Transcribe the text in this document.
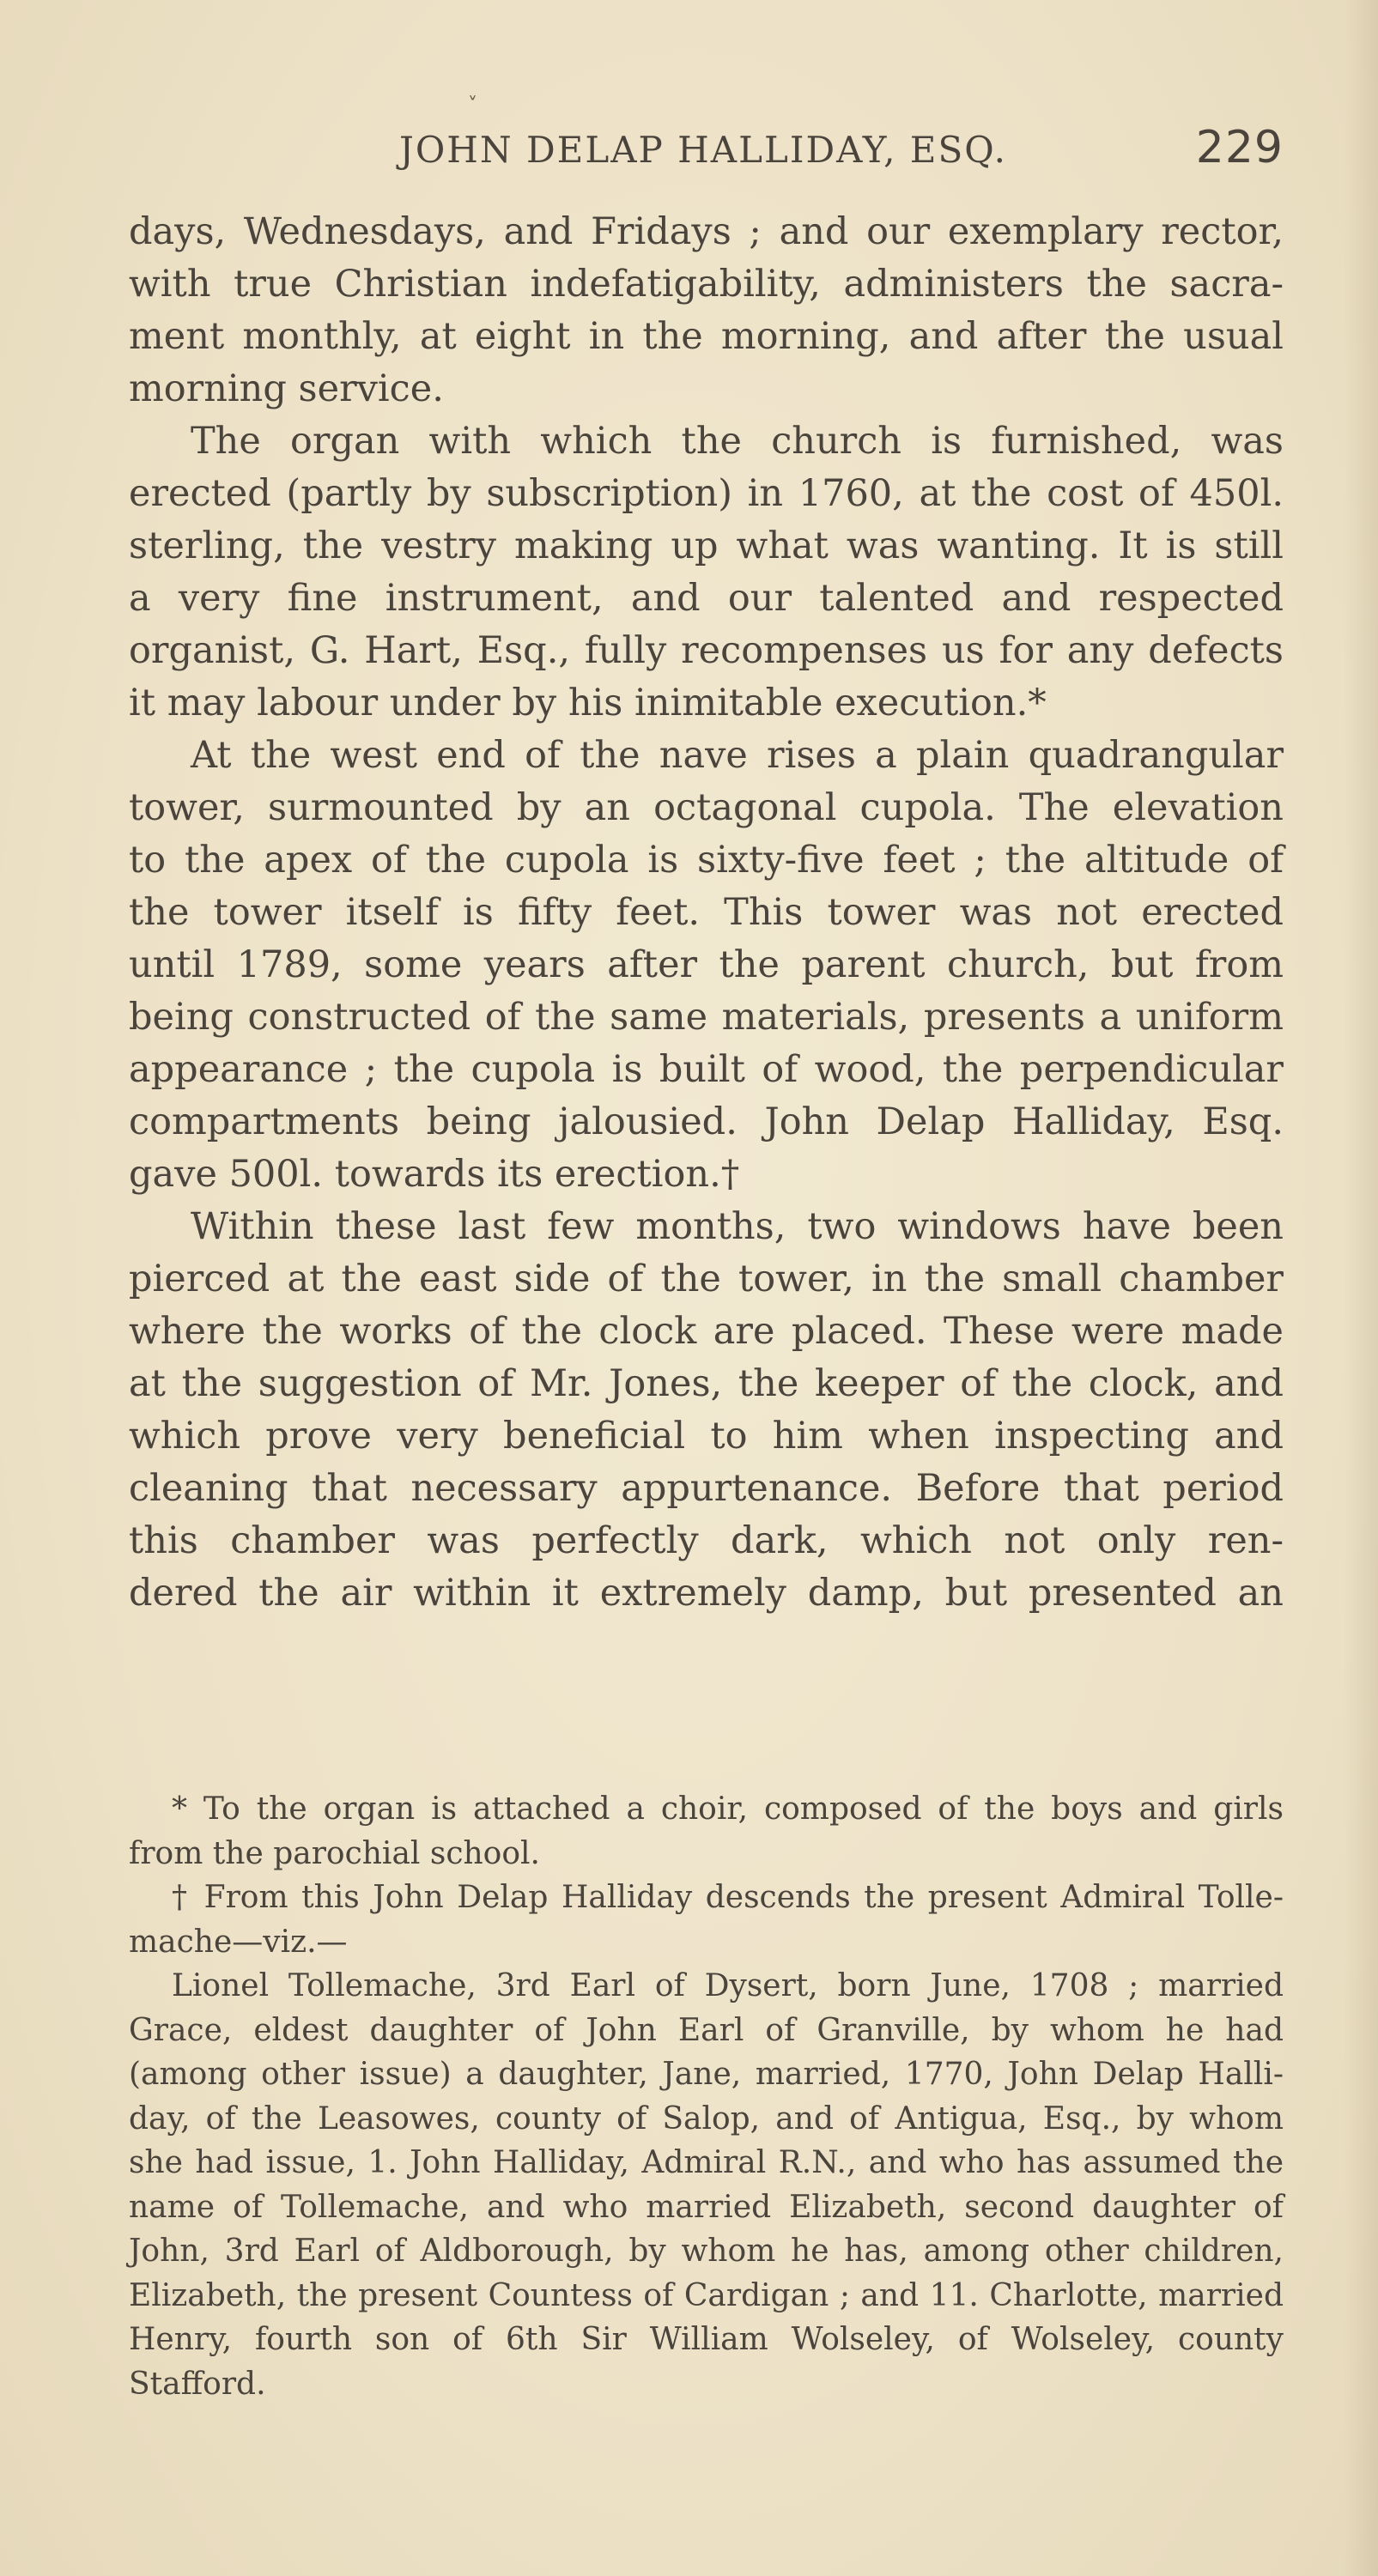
˅
JOHN DELAP HALLIDAY, ESQ.	229
days, Wednesdays, and Fridays ; and our exemplary rector,
with true Christian indefatigability, administers the sacra-
ment monthly, at eight in the morning, and after the usual
morning service.
The organ with which the church is furnished, was
erected (partly by subscription) in 1760, at the cost of 450l.
sterling, the vestry making up what was wanting. It is still
a very fine instrument, and our talented and respected
organist, G. Hart, Esq., fully recompenses us for any defects
it may labour under by his inimitable execution.*
At the west end of the nave rises a plain quadrangular
tower, surmounted by an octagonal cupola. The elevation
to the apex of the cupola is sixty-five feet ; the altitude of
the tower itself is fifty feet. This tower was not erected
until 1789, some years after the parent church, but from
being constructed of the same materials, presents a uniform
appearance ; the cupola is built of wood, the perpendicular
compartments being jalousied. John Delap Halliday, Esq.
gave 500l. towards its erection.†
Within these last few months, two windows have been
pierced at the east side of the tower, in the small chamber
where the works of the clock are placed. These were made
at the suggestion of Mr. Jones, the keeper of the clock, and
which prove very beneficial to him when inspecting and
cleaning that necessary appurtenance. Before that period
this chamber was perfectly dark, which not only ren-
dered the air within it extremely damp, but presented an
* To the organ is attached a choir, composed of the boys and girls
from the parochial school.
† From this John Delap Halliday descends the present Admiral Tolle-
mache—viz.—
Lionel Tollemache, 3rd Earl of Dysert, born June, 1708 ; married
Grace, eldest daughter of John Earl of Granville, by whom he had
(among other issue) a daughter, Jane, married, 1770, John Delap Halli-
day, of the Leasowes, county of Salop, and of Antigua, Esq., by whom
she had issue, 1. John Halliday, Admiral R.N., and who has assumed the
name of Tollemache, and who married Elizabeth, second daughter of
John, 3rd Earl of Aldborough, by whom he has, among other children,
Elizabeth, the present Countess of Cardigan ; and 11. Charlotte, married
Henry, fourth son of 6th Sir William Wolseley, of Wolseley, county
Stafford.
